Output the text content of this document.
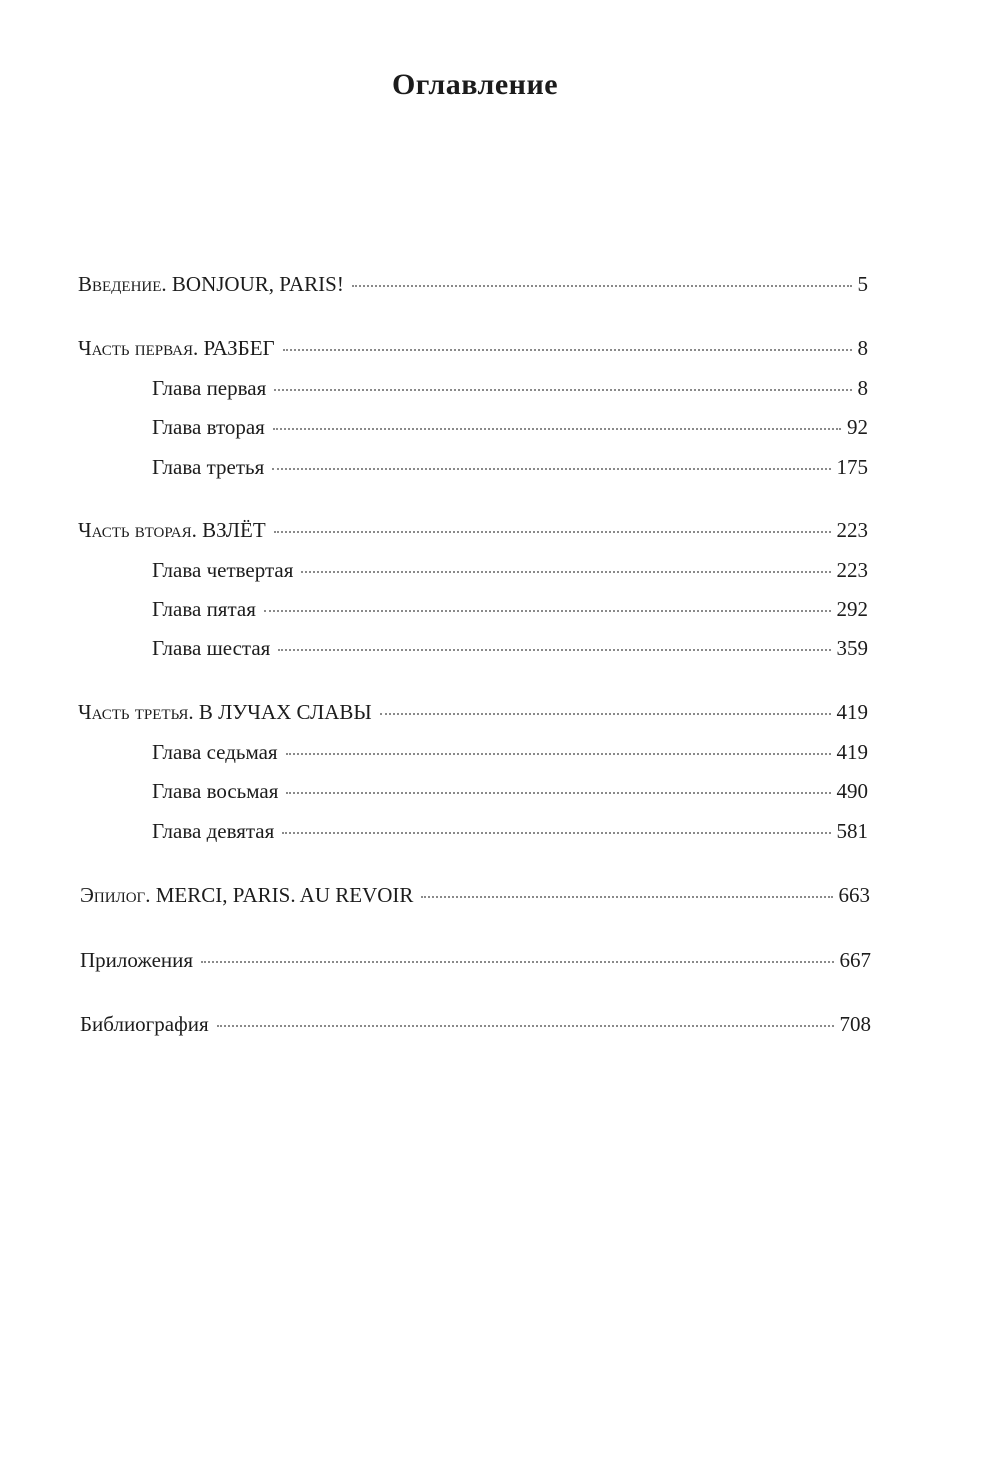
Оглавление
Введение. BONJOUR, PARIS!	5
Часть первая. РАЗБЕГ	8
Глава первая	8
Глава вторая	92
Глава третья	175
Часть вторая. ВЗЛЁТ	223
Глава четвертая	223
Глава пятая	292
Глава шестая	359
Часть третья. В ЛУЧАХ СЛАВЫ	419
Глава седьмая	419
Глава восьмая	490
Глава девятая	581
Эпилог. MERCI, PARIS. AU REVOIR	663
Приложения	667
Библиография	708
